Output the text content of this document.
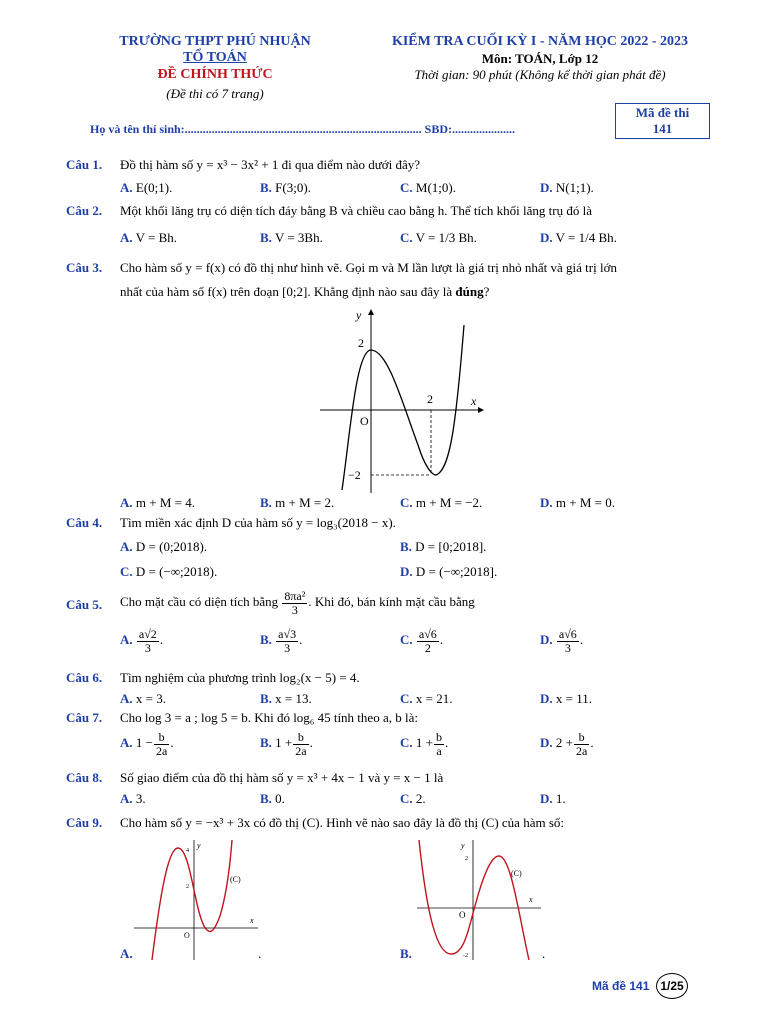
TRƯỜNG THPT PHÚ NHUẬN
TỔ TOÁN
ĐỀ CHÍNH THỨC
(Đề thi có 7 trang)
KIỂM TRA CUỐI KỲ I - NĂM HỌC 2022 - 2023
Môn: TOÁN, Lớp 12
Thời gian: 90 phút (Không kể thời gian phát đề)
Mã đề thi
141
Họ và tên thí sinh:............................................................................... SBD:.....................
Câu 1. Đồ thị hàm số y = x³ − 3x² + 1 đi qua điểm nào dưới đây?
A. E(0;1).	B. F(3;0).	C. M(1;0).	D. N(1;1).
Câu 2. Một khối lăng trụ có diện tích đáy bằng B và chiều cao bằng h. Thể tích khối lăng trụ đó là
A. V = Bh.	B. V = 3Bh.	C. V = 1/3 Bh.	D. V = 1/4 Bh.
Câu 3. Cho hàm số y = f(x) có đồ thị như hình vẽ. Gọi m và M lần lượt là giá trị nhỏ nhất và giá trị lớn
nhất của hàm số f(x) trên đoạn [0;2]. Khẳng định nào sau đây là đúng?
y
x
O
2
2
−2
A. m + M = 4.	B. m + M = 2.	C. m + M = −2.	D. m + M = 0.
Câu 4. Tìm miền xác định D của hàm số y = log₃(2018 − x).
A. D = (0;2018).	B. D = [0;2018].
C. D = (−∞;2018).	D. D = (−∞;2018].
Câu 5. Cho mặt cầu có diện tích bằng $\frac{\text{8πa²}}{3}$ . Khi đó, bán kính mặt cầu bằng
A. $\frac{a√2}{3}$ .	B. $\frac{a√3}{3}$ .	C. $\frac{a√6}{2}$ .	D. $\frac{a√6}{3}$ .
Câu 6. Tìm nghiệm của phương trình log₂(x − 5) = 4.
A. x = 3.	B. x = 13.	C. x = 21.	D. x = 11.
Câu 7. Cho log 3 = a ; log 5 = b. Khi đó log₆ 45 tính theo a, b là:
A. $1 - \frac{b}{2a}$ .	B. $1 + \frac{b}{2a}$ .	C. $1 + \frac{b}{a}$ .	D. $2 + \frac{b}{2a}$ .
Câu 8. Số giao điểm của đồ thị hàm số y = x³ + 4x − 1 và y = x − 1 là
A. 3.	B. 0.	C. 2.	D. 1.
Câu 9. Cho hàm số y = −x³ + 3x có đồ thị (C). Hình vẽ nào sao đây là đồ thị (C) của hàm số:
y
x
O
(C)
4
2
A.	.
y
x
O
(C)
2
-2
B.	.
Mã đề 141 1/25
